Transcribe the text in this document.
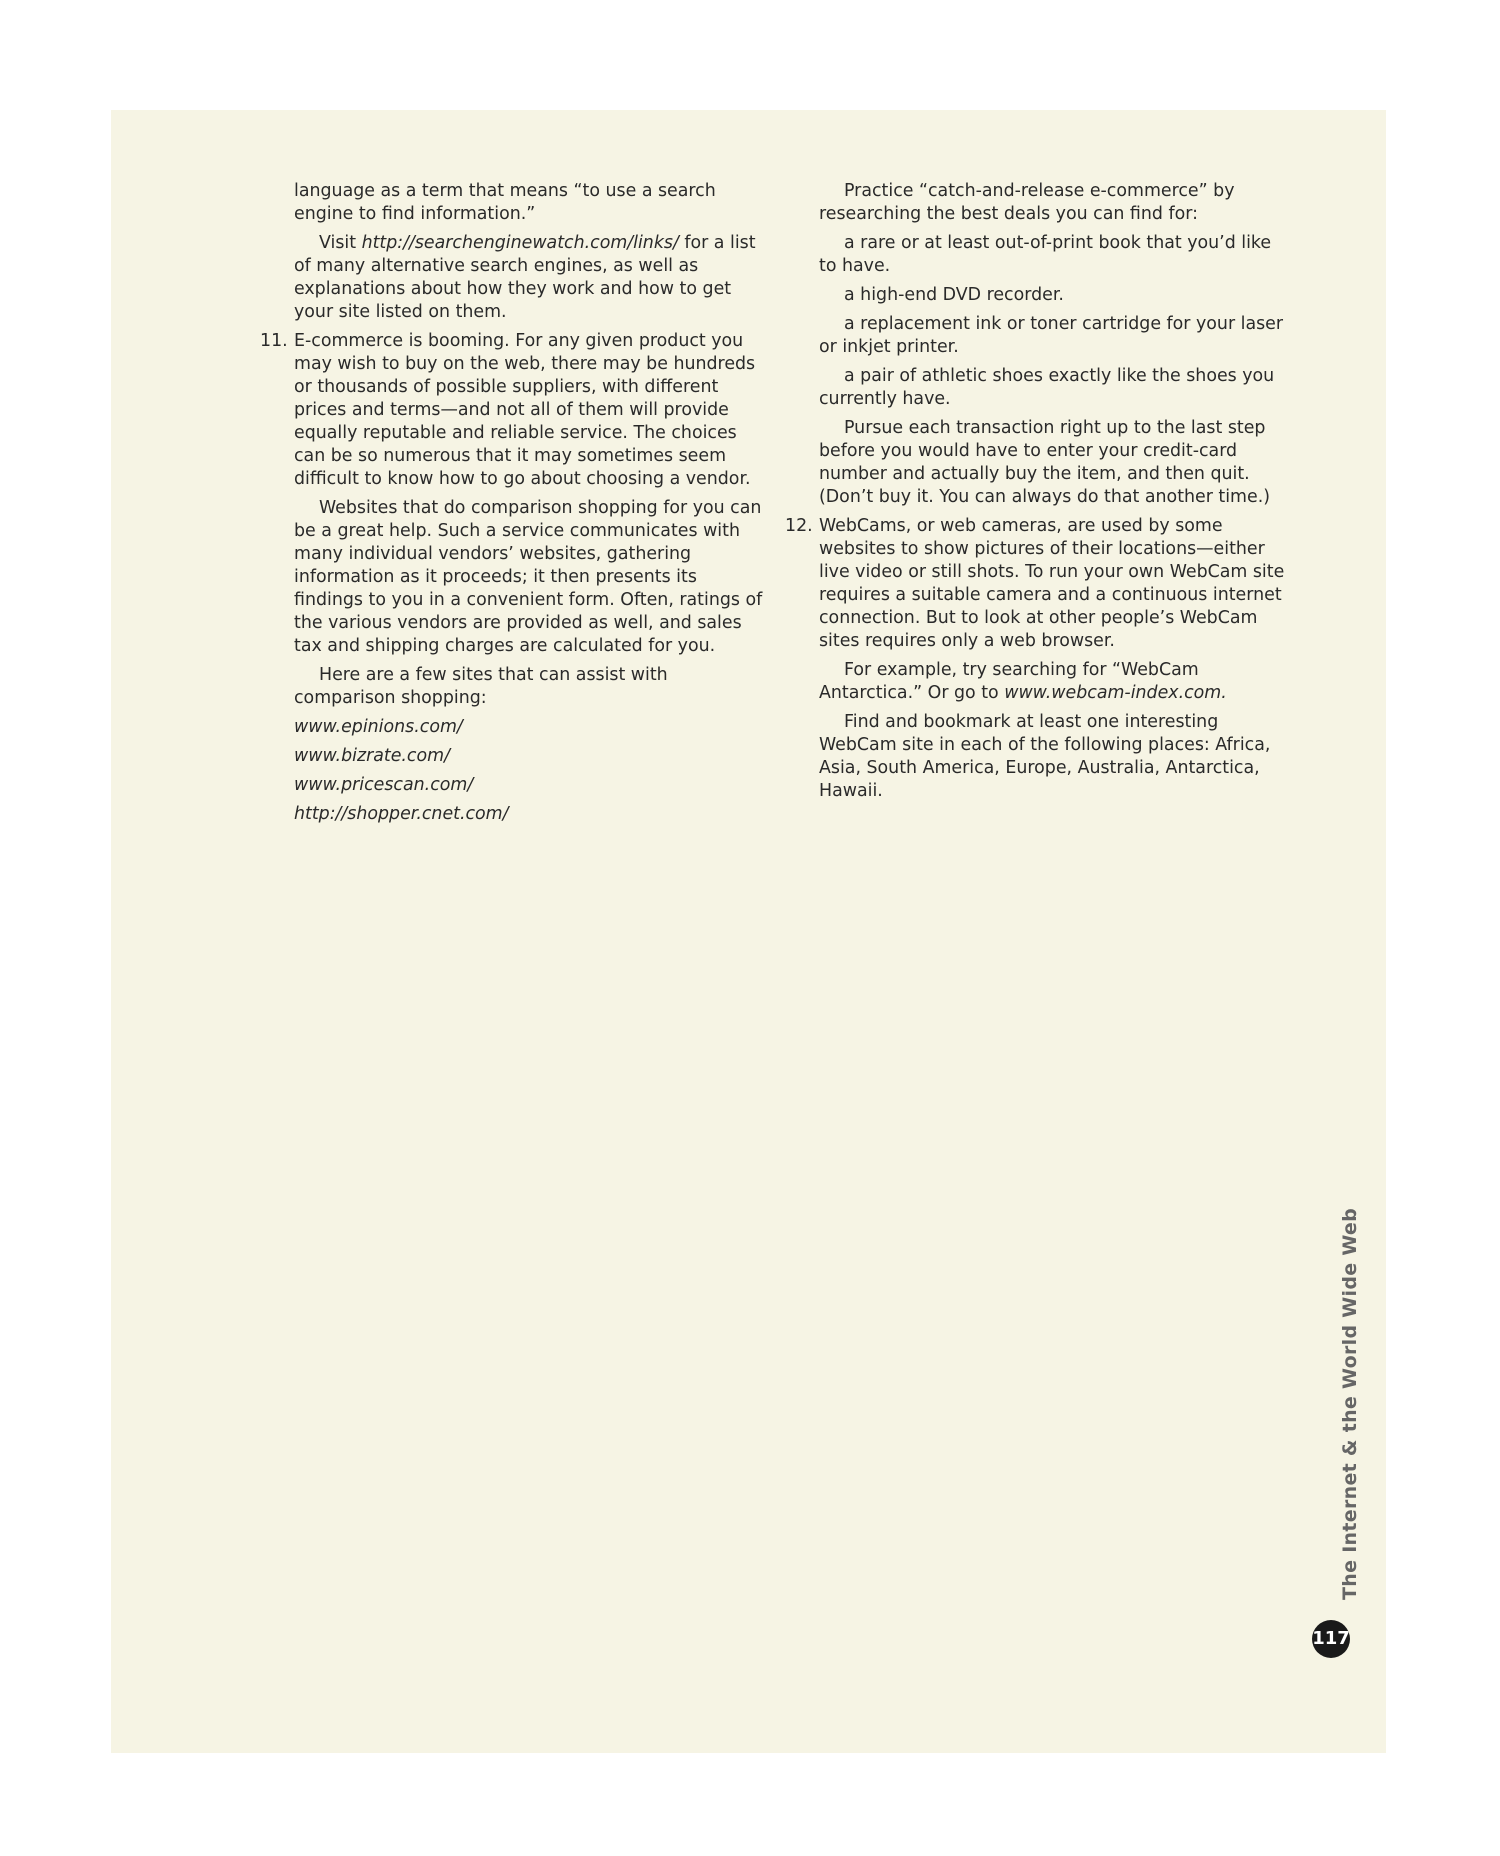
language as a term that means “to use a search engine to find information.”

Visit http://searchenginewatch.com/links/ for a list of many alternative search engines, as well as explanations about how they work and how to get your site listed on them.

11. E-commerce is booming. For any given product you may wish to buy on the web, there may be hundreds or thousands of possible suppliers, with different prices and terms—and not all of them will provide equally reputable and reliable service. The choices can be so numerous that it may sometimes seem difficult to know how to go about choosing a vendor.

Websites that do comparison shopping for you can be a great help. Such a service communicates with many individual vendors’ websites, gathering information as it proceeds; it then presents its findings to you in a convenient form. Often, ratings of the various vendors are provided as well, and sales tax and shipping charges are calculated for you.

Here are a few sites that can assist with comparison shopping:

www.epinions.com/

www.bizrate.com/

www.pricescan.com/

http://shopper.cnet.com/

Practice “catch-and-release e-commerce” by researching the best deals you can find for:

a rare or at least out-of-print book that you’d like to have.

a high-end DVD recorder.

a replacement ink or toner cartridge for your laser or inkjet printer.

a pair of athletic shoes exactly like the shoes you currently have.

Pursue each transaction right up to the last step before you would have to enter your credit-card number and actually buy the item, and then quit. (Don’t buy it. You can always do that another time.)

12. WebCams, or web cameras, are used by some websites to show pictures of their locations—either live video or still shots. To run your own WebCam site requires a suitable camera and a continuous internet connection. But to look at other people’s WebCam sites requires only a web browser.

For example, try searching for “WebCam Antarctica.” Or go to www.webcam-index.com.

Find and bookmark at least one interesting WebCam site in each of the following places: Africa, Asia, South America, Europe, Australia, Antarctica, Hawaii.

The Internet & the World Wide Web
117
